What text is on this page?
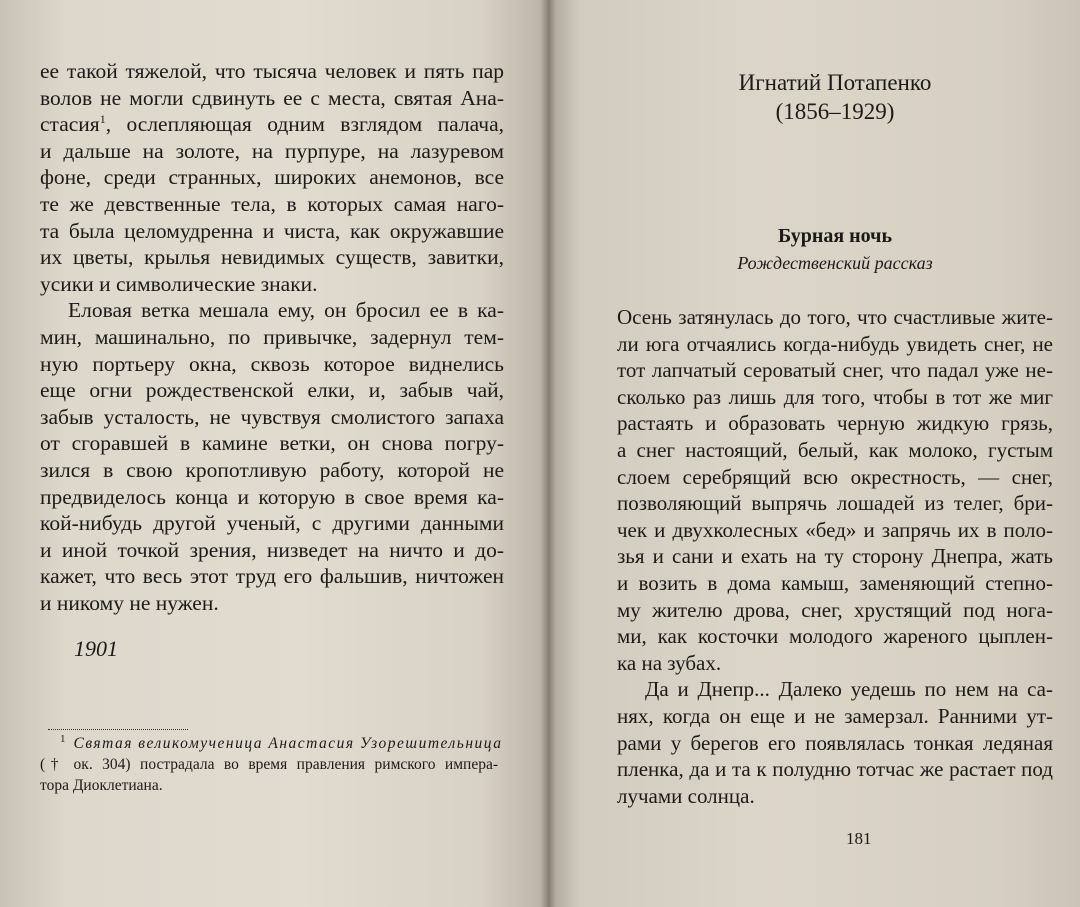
ее такой тяжелой, что тысяча человек и пять пар
волов не могли сдвинуть ее с места, святая Ана-
стасия$^1$, ослепляющая одним взглядом палача,
и дальше на золоте, на пурпуре, на лазуревом
фоне, среди странных, широких анемонов, все
те же девственные тела, в которых самая наго-
та была целомудренна и чиста, как окружавшие
их цветы, крылья невидимых существ, завитки,
усики и символические знаки.
Еловая ветка мешала ему, он бросил ее в ка-
мин, машинально, по привычке, задернул тем-
ную портьеру окна, сквозь которое виднелись
еще огни рождественской елки, и, забыв чай,
забыв усталость, не чувствуя смолистого запаха
от сгоравшей в камине ветки, он снова погру-
зился в свою кропотливую работу, которой не
предвиделось конца и которую в свое время ка-
кой-нибудь другой ученый, с другими данными
и иной точкой зрения, низведет на ничто и до-
кажет, что весь этот труд его фальшив, ничтожен
и никому не нужен.
1901
$^1$ Святая великомученица Анастасия Узорешительница
(† ок. 304) пострадала во время правления римского импера-
тора Диоклетиана.
Игнатий Потапенко
(1856–1929)
Бурная ночь
Рождественский рассказ
Осень затянулась до того, что счастливые жите-
ли юга отчаялись когда-нибудь увидеть снег, не
тот лапчатый сероватый снег, что падал уже не-
сколько раз лишь для того, чтобы в тот же миг
растаять и образовать черную жидкую грязь,
а снег настоящий, белый, как молоко, густым
слоем серебрящий всю окрестность, — снег,
позволяющий выпрячь лошадей из телег, бри-
чек и двухколесных «бед» и запрячь их в поло-
зья и сани и ехать на ту сторону Днепра, жать
и возить в дома камыш, заменяющий степно-
му жителю дрова, снег, хрустящий под нога-
ми, как косточки молодого жареного цыплен-
ка на зубах.
Да и Днепр... Далеко уедешь по нем на са-
нях, когда он еще и не замерзал. Ранними ут-
рами у берегов его появлялась тонкая ледяная
пленка, да и та к полудню тотчас же растает под
лучами солнца.
181
